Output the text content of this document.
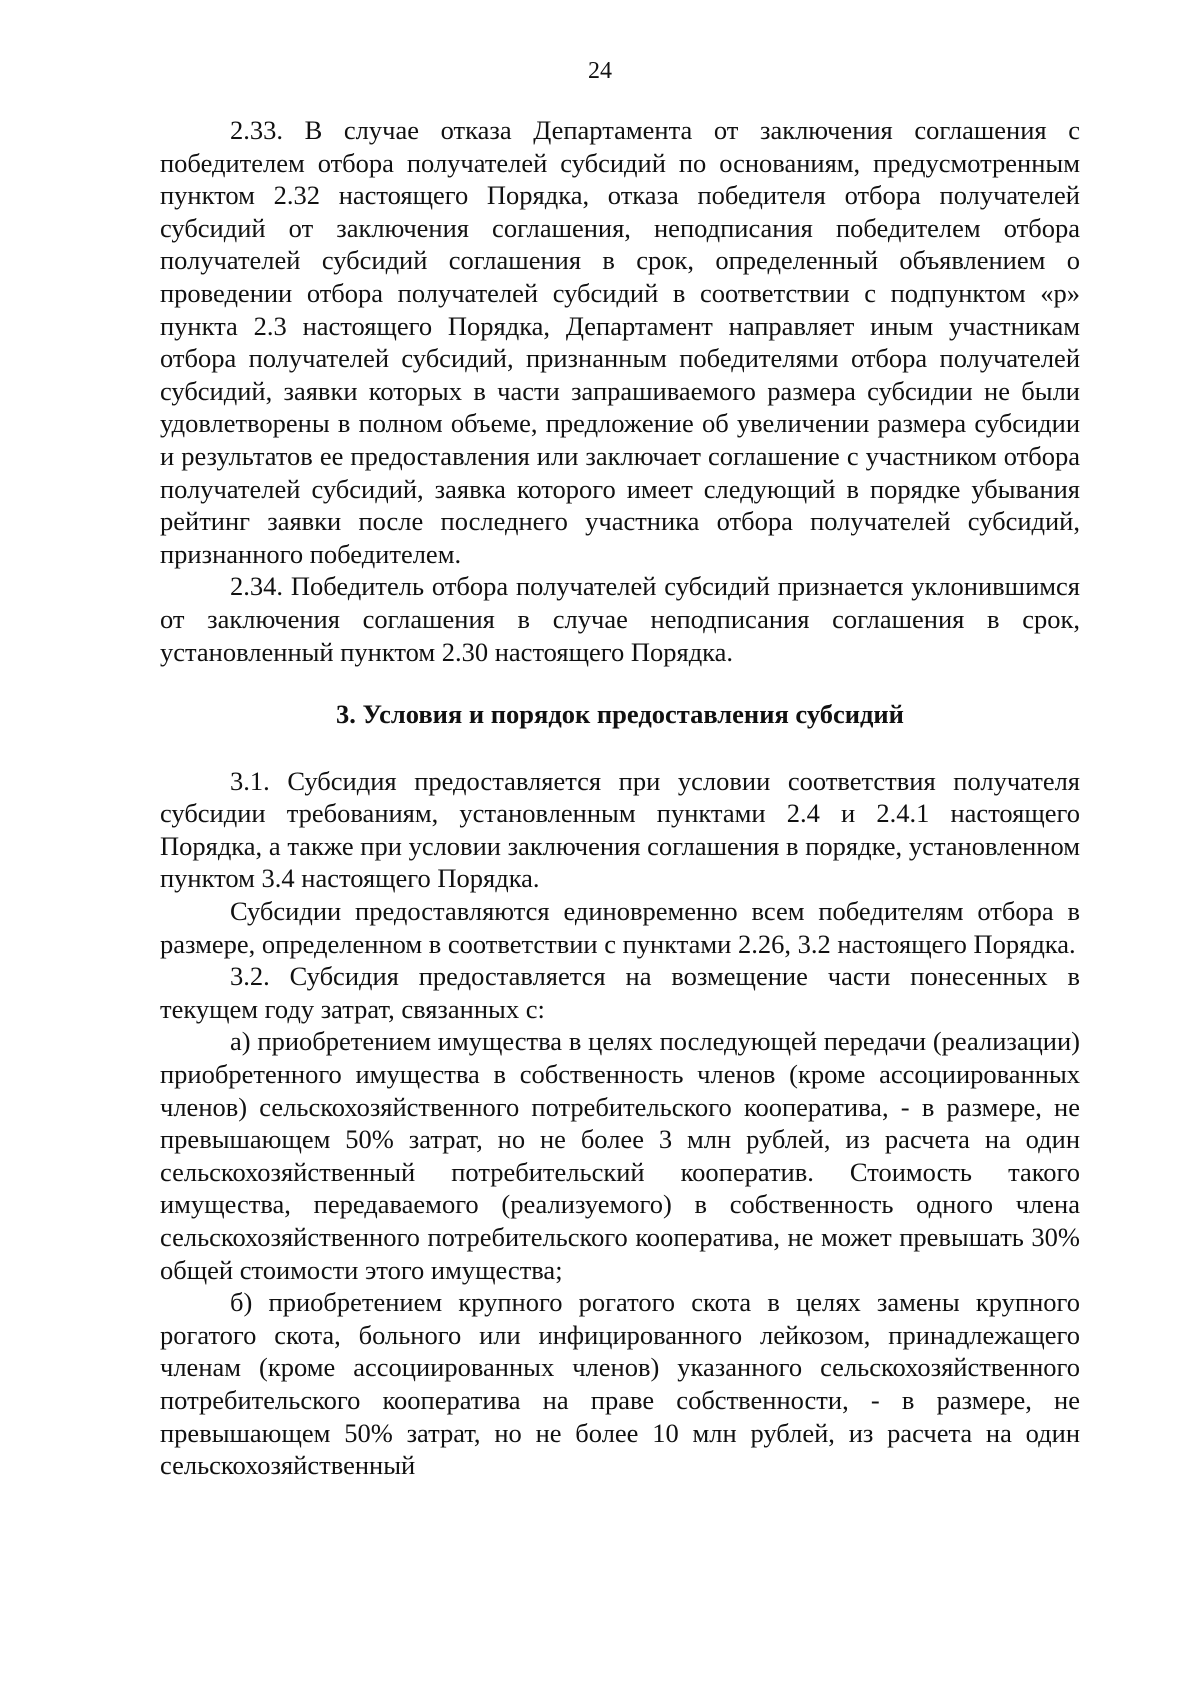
24

2.33. В случае отказа Департамента от заключения соглашения с победителем отбора получателей субсидий по основаниям, предусмотренным пунктом 2.32 настоящего Порядка, отказа победителя отбора получателей субсидий от заключения соглашения, неподписания победителем отбора получателей субсидий соглашения в срок, определенный объявлением о проведении отбора получателей субсидий в соответствии с подпунктом «р» пункта 2.3 настоящего Порядка, Департамент направляет иным участникам отбора получателей субсидий, признанным победителями отбора получателей субсидий, заявки которых в части запрашиваемого размера субсидии не были удовлетворены в полном объеме, предложение об увеличении размера субсидии и результатов ее предоставления или заключает соглашение с участником отбора получателей субсидий, заявка которого имеет следующий в порядке убывания рейтинг заявки после последнего участника отбора получателей субсидий, признанного победителем.

2.34. Победитель отбора получателей субсидий признается уклонившимся от заключения соглашения в случае неподписания соглашения в срок, установленный пунктом 2.30 настоящего Порядка.

3. Условия и порядок предоставления субсидий

3.1. Субсидия предоставляется при условии соответствия получателя субсидии требованиям, установленным пунктами 2.4 и 2.4.1 настоящего Порядка, а также при условии заключения соглашения в порядке, установленном пунктом 3.4 настоящего Порядка.

Субсидии предоставляются единовременно всем победителям отбора в размере, определенном в соответствии с пунктами 2.26, 3.2 настоящего Порядка.

3.2. Субсидия предоставляется на возмещение части понесенных в текущем году затрат, связанных с:

а) приобретением имущества в целях последующей передачи (реализации) приобретенного имущества в собственность членов (кроме ассоциированных членов) сельскохозяйственного потребительского кооператива, - в размере, не превышающем 50% затрат, но не более 3 млн рублей, из расчета на один сельскохозяйственный потребительский кооператив. Стоимость такого имущества, передаваемого (реализуемого) в собственность одного члена сельскохозяйственного потребительского кооператива, не может превышать 30% общей стоимости этого имущества;

б) приобретением крупного рогатого скота в целях замены крупного рогатого скота, больного или инфицированного лейкозом, принадлежащего членам (кроме ассоциированных членов) указанного сельскохозяйственного потребительского кооператива на праве собственности, - в размере, не превышающем 50% затрат, но не более 10 млн рублей, из расчета на один сельскохозяйственный
